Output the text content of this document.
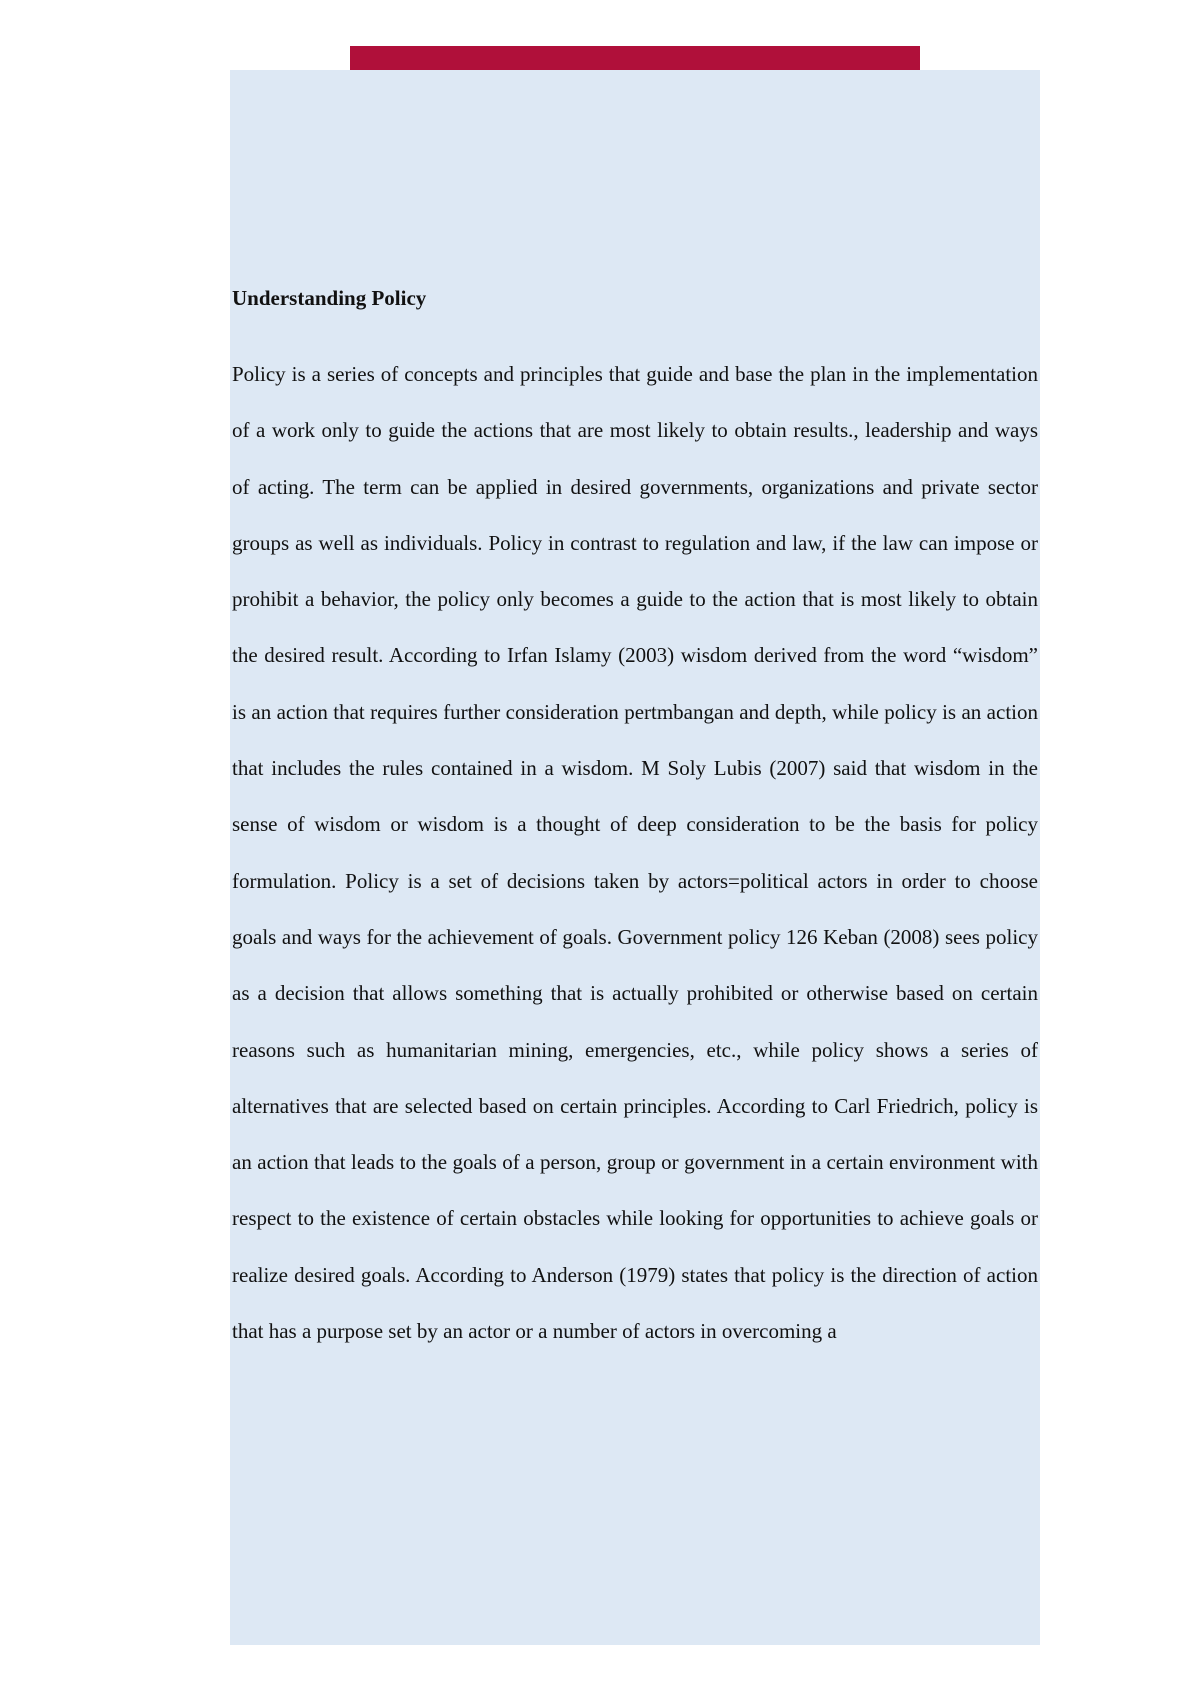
Understanding Policy

Policy is a series of concepts and principles that guide and base the plan in the implementation of a work only to guide the actions that are most likely to obtain results., leadership and ways of acting. The term can be applied in desired governments, organizations and private sector groups as well as individuals. Policy in contrast to regulation and law, if the law can impose or prohibit a behavior, the policy only becomes a guide to the action that is most likely to obtain the desired result. According to Irfan Islamy (2003) wisdom derived from the word “wisdom” is an action that requires further consideration pertmbangan and depth, while policy is an action that includes the rules contained in a wisdom. M Soly Lubis (2007) said that wisdom in the sense of wisdom or wisdom is a thought of deep consideration to be the basis for policy formulation. Policy is a set of decisions taken by actors=political actors in order to choose goals and ways for the achievement of goals. Government policy 126 Keban (2008) sees policy as a decision that allows something that is actually prohibited or otherwise based on certain reasons such as humanitarian mining, emergencies, etc., while policy shows a series of alternatives that are selected based on certain principles. According to Carl Friedrich, policy is an action that leads to the goals of a person, group or government in a certain environment with respect to the existence of certain obstacles while looking for opportunities to achieve goals or realize desired goals. According to Anderson (1979) states that policy is the direction of action that has a purpose set by an actor or a number of actors in overcoming a
